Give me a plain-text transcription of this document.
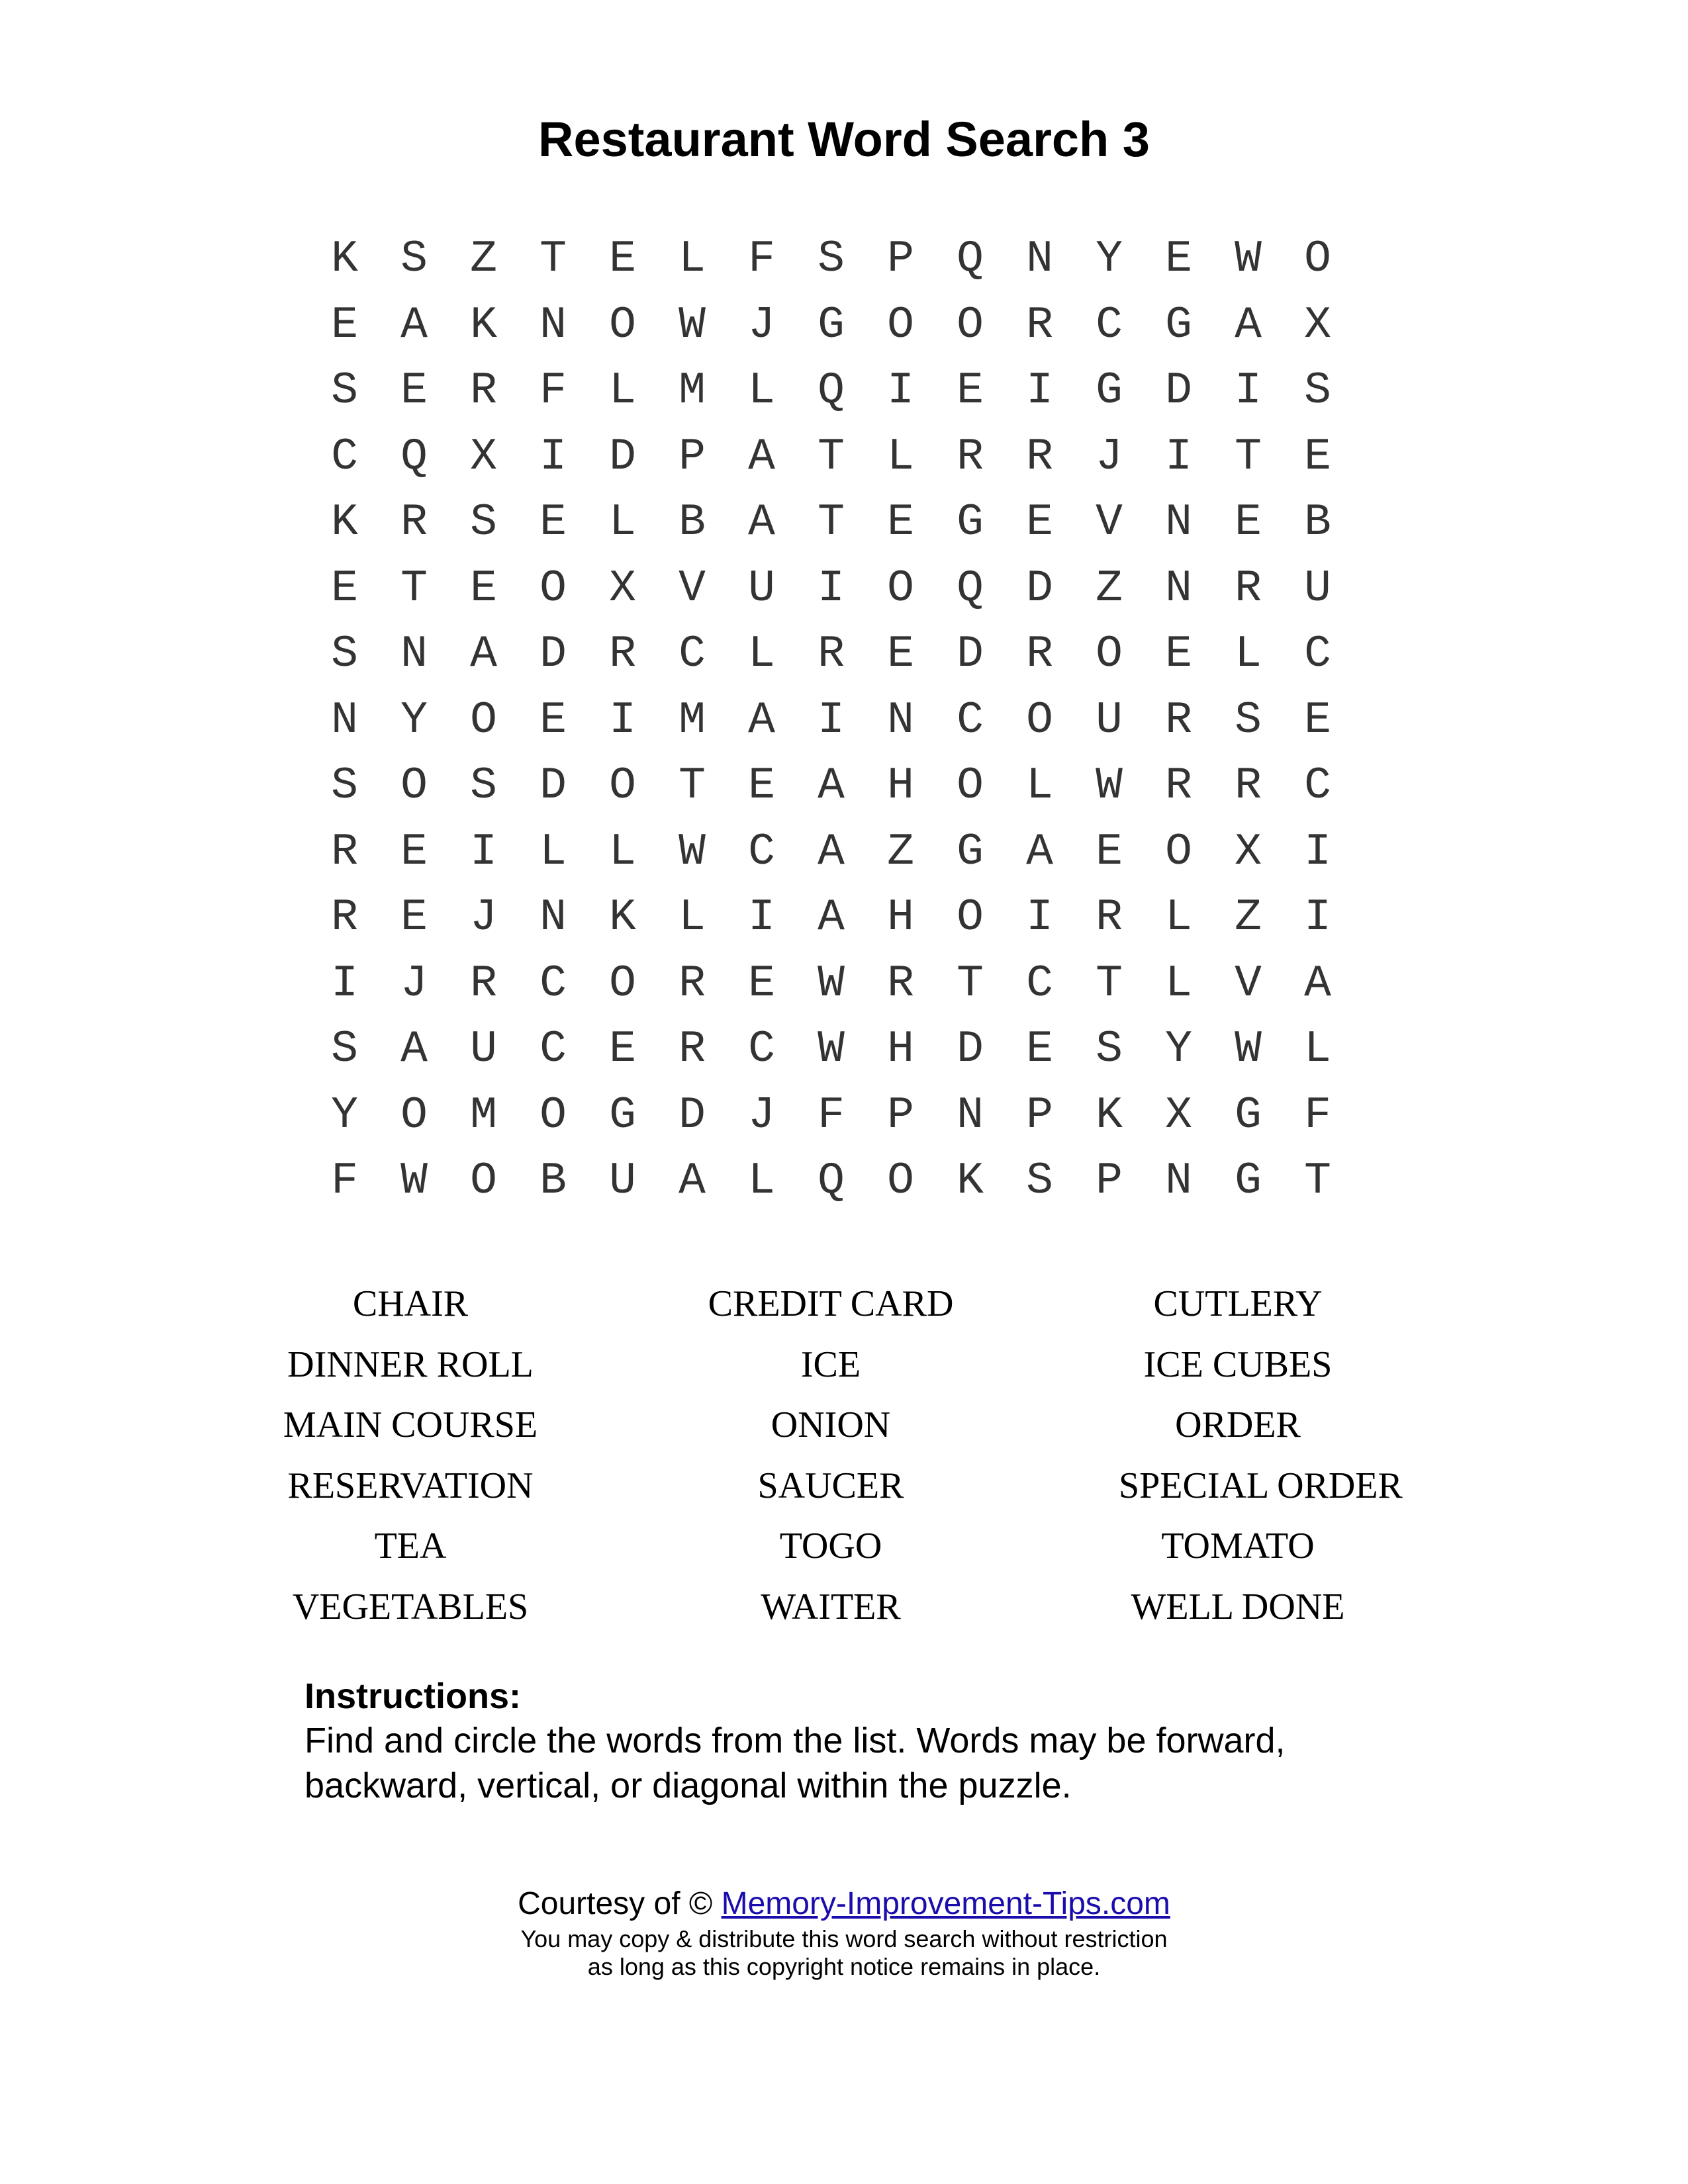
Restaurant Word Search 3
K S Z T E L F S P Q N Y E W O
E A K N O W J G O O R C G A X
S E R F L M L Q I E I G D I S
C Q X I D P A T L R R J I T E
K R S E L B A T E G E V N E B
E T E O X V U I O Q D Z N R U
S N A D R C L R E D R O E L C
N Y O E I M A I N C O U R S E
S O S D O T E A H O L W R R C
R E I L L W C A Z G A E O X I
R E J N K L I A H O I R L Z I
I J R C O R E W R T C T L V A
S A U C E R C W H D E S Y W L
Y O M O G D J F P N P K X G F
F W O B U A L Q O K S P N G T
CHAIR	CREDIT CARD	CUTLERY
DINNER ROLL	ICE	ICE CUBES
MAIN COURSE	ONION	ORDER
RESERVATION	SAUCER	SPECIAL ORDER
TEA	TOGO	TOMATO
VEGETABLES	WAITER	WELL DONE
Instructions:
Find and circle the words from the list. Words may be forward, backward, vertical, or diagonal within the puzzle.
Courtesy of © Memory-Improvement-Tips.com
You may copy & distribute this word search without restriction
as long as this copyright notice remains in place.
